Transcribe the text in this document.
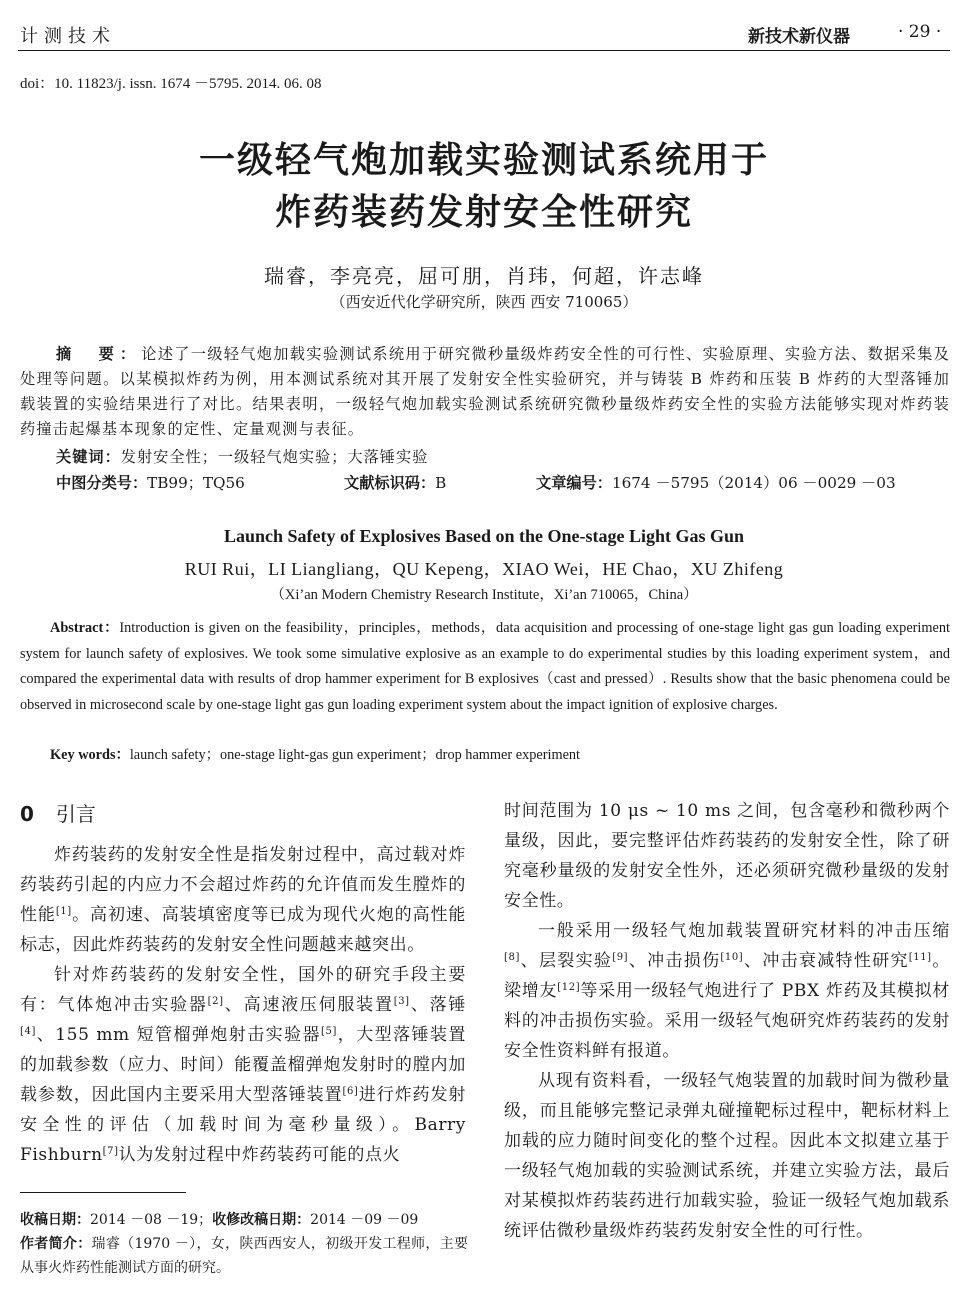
计测技术	新技术新仪器	· 29 ·
doi：10. 11823/j. issn. 1674 －5795. 2014. 06. 08
一级轻气炮加载实验测试系统用于
炸药装药发射安全性研究
瑞睿，李亮亮，屈可朋，肖玮，何超，许志峰
（西安近代化学研究所，陕西 西安 710065）
摘　要：论述了一级轻气炮加载实验测试系统用于研究微秒量级炸药安全性的可行性、实验原理、实验方法、数据采集及处理等问题。以某模拟炸药为例，用本测试系统对其开展了发射安全性实验研究，并与铸装 B 炸药和压装 B 炸药的大型落锤加载装置的实验结果进行了对比。结果表明，一级轻气炮加载实验测试系统研究微秒量级炸药安全性的实验方法能够实现对炸药装药撞击起爆基本现象的定性、定量观测与表征。
关键词：发射安全性；一级轻气炮实验；大落锤实验
中图分类号：TB99；TQ56	文献标识码：B	文章编号：1674 －5795（2014）06 －0029 －03
Launch Safety of Explosives Based on the One-stage Light Gas Gun
RUI Rui，LI Liangliang，QU Kepeng，XIAO Wei，HE Chao，XU Zhifeng
（Xi’an Modern Chemistry Research Institute，Xi’an 710065，China）
Abstract：Introduction is given on the feasibility，principles，methods，data acquisition and processing of one-stage light gas gun loading experiment system for launch safety of explosives. We took some simulative explosive as an example to do experimental studies by this loading experiment system，and compared the experimental data with results of drop hammer experiment for B explosives（cast and pressed）. Results show that the basic phenomena could be observed in microsecond scale by one-stage light gas gun loading experiment system about the impact ignition of explosive charges.
Key words：launch safety；one-stage light-gas gun experiment；drop hammer experiment
0 引言

炸药装药的发射安全性是指发射过程中，高过载对炸药装药引起的内应力不会超过炸药的允许值而发生膛炸的性能[1]。高初速、高装填密度等已成为现代火炮的高性能标志，因此炸药装药的发射安全性问题越来越突出。

针对炸药装药的发射安全性，国外的研究手段主要有：气体炮冲击实验器[2]、高速液压伺服装置[3]、落锤[4]、155 mm 短管榴弹炮射击实验器[5]，大型落锤装置的加载参数（应力、时间）能覆盖榴弹炮发射时的膛内加载参数，因此国内主要采用大型落锤装置[6]进行炸药发射安全性的评估（加载时间为毫秒量级）。Barry Fishburn[7]认为发射过程中炸药装药可能的点火

时间范围为 10 μs ~ 10 ms 之间，包含毫秒和微秒两个量级，因此，要完整评估炸药装药的发射安全性，除了研究毫秒量级的发射安全性外，还必须研究微秒量级的发射安全性。

一般采用一级轻气炮加载装置研究材料的冲击压缩[8]、层裂实验[9]、冲击损伤[10]、冲击衰减特性研究[11]。梁增友[12]等采用一级轻气炮进行了 PBX 炸药及其模拟材料的冲击损伤实验。采用一级轻气炮研究炸药装药的发射安全性资料鲜有报道。

从现有资料看，一级轻气炮装置的加载时间为微秒量级，而且能够完整记录弹丸碰撞靶标过程中，靶标材料上加载的应力随时间变化的整个过程。因此本文拟建立基于一级轻气炮加载的实验测试系统，并建立实验方法，最后对某模拟炸药装药进行加载实验，验证一级轻气炮加载系统评估微秒量级炸药装药发射安全性的可行性。

收稿日期：2014 －08 －19；收修改稿日期：2014 －09 －09
作者简介：瑞睿（1970 －），女，陕西西安人，初级开发工程师，主要从事火炸药性能测试方面的研究。
